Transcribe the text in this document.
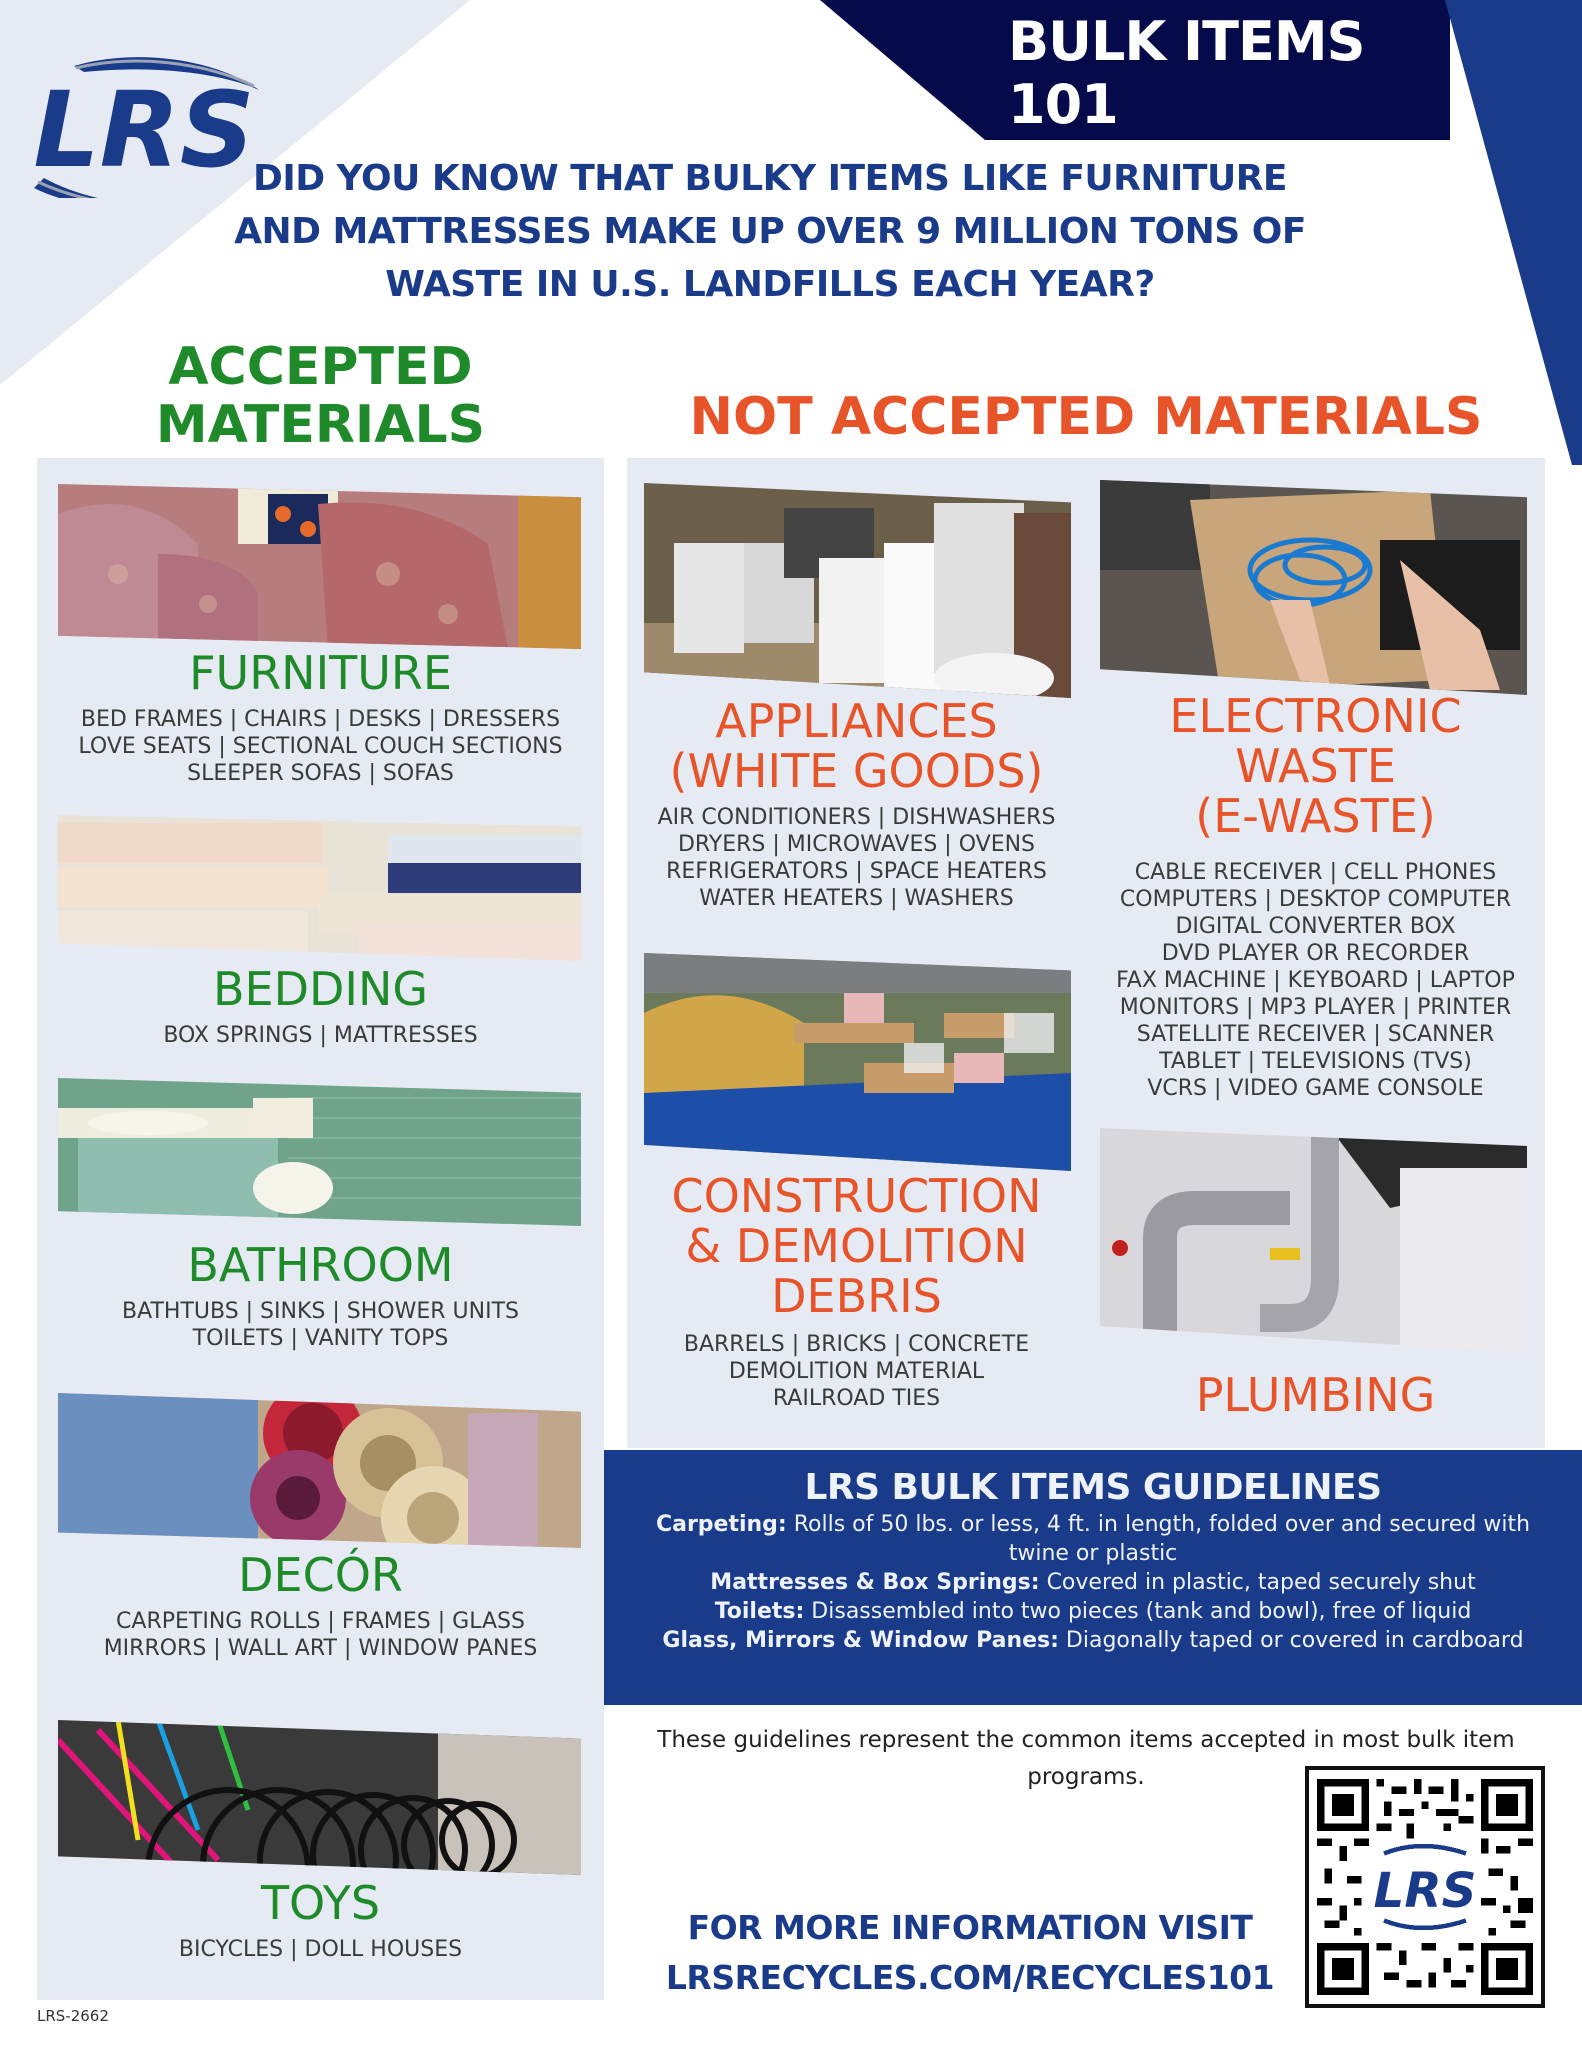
LRS
BULK ITEMS 101
DID YOU KNOW THAT BULKY ITEMS LIKE FURNITURE
AND MATTRESSES MAKE UP OVER 9 MILLION TONS OF
WASTE IN U.S. LANDFILLS EACH YEAR?
ACCEPTED
MATERIALS	NOT ACCEPTED MATERIALS
FURNITURE
BED FRAMES | CHAIRS | DESKS | DRESSERS
LOVE SEATS | SECTIONAL COUCH SECTIONS
SLEEPER SOFAS | SOFAS
BEDDING
BOX SPRINGS | MATTRESSES
BATHROOM
BATHTUBS | SINKS | SHOWER UNITS
TOILETS | VANITY TOPS
DECÓR
CARPETING ROLLS | FRAMES | GLASS
MIRRORS | WALL ART | WINDOW PANES
TOYS
BICYCLES | DOLL HOUSES
APPLIANCES
(WHITE GOODS)
AIR CONDITIONERS | DISHWASHERS
DRYERS | MICROWAVES | OVENS
REFRIGERATORS | SPACE HEATERS
WATER HEATERS | WASHERS
ELECTRONIC
WASTE
(E-WASTE)
CABLE RECEIVER | CELL PHONES
COMPUTERS | DESKTOP COMPUTER
DIGITAL CONVERTER BOX
DVD PLAYER OR RECORDER
FAX MACHINE | KEYBOARD | LAPTOP
MONITORS | MP3 PLAYER | PRINTER
SATELLITE RECEIVER | SCANNER
TABLET | TELEVISIONS (TVS)
VCRS | VIDEO GAME CONSOLE
CONSTRUCTION
& DEMOLITION
DEBRIS
BARRELS | BRICKS | CONCRETE
DEMOLITION MATERIAL
RAILROAD TIES	PLUMBING
LRS BULK ITEMS GUIDELINES

Carpeting: Rolls of 50 lbs. or less, 4 ft. in length, folded over and secured with twine or plastic

Mattresses & Box Springs: Covered in plastic, taped securely shut

Toilets: Disassembled into two pieces (tank and bowl), free of liquid

Glass, Mirrors & Window Panes: Diagonally taped or covered in cardboard

These guidelines represent the common items accepted in most bulk item programs.
FOR MORE INFORMATION VISIT
LRSRECYCLES.COM/RECYCLES101
LRS
LRS-2662
